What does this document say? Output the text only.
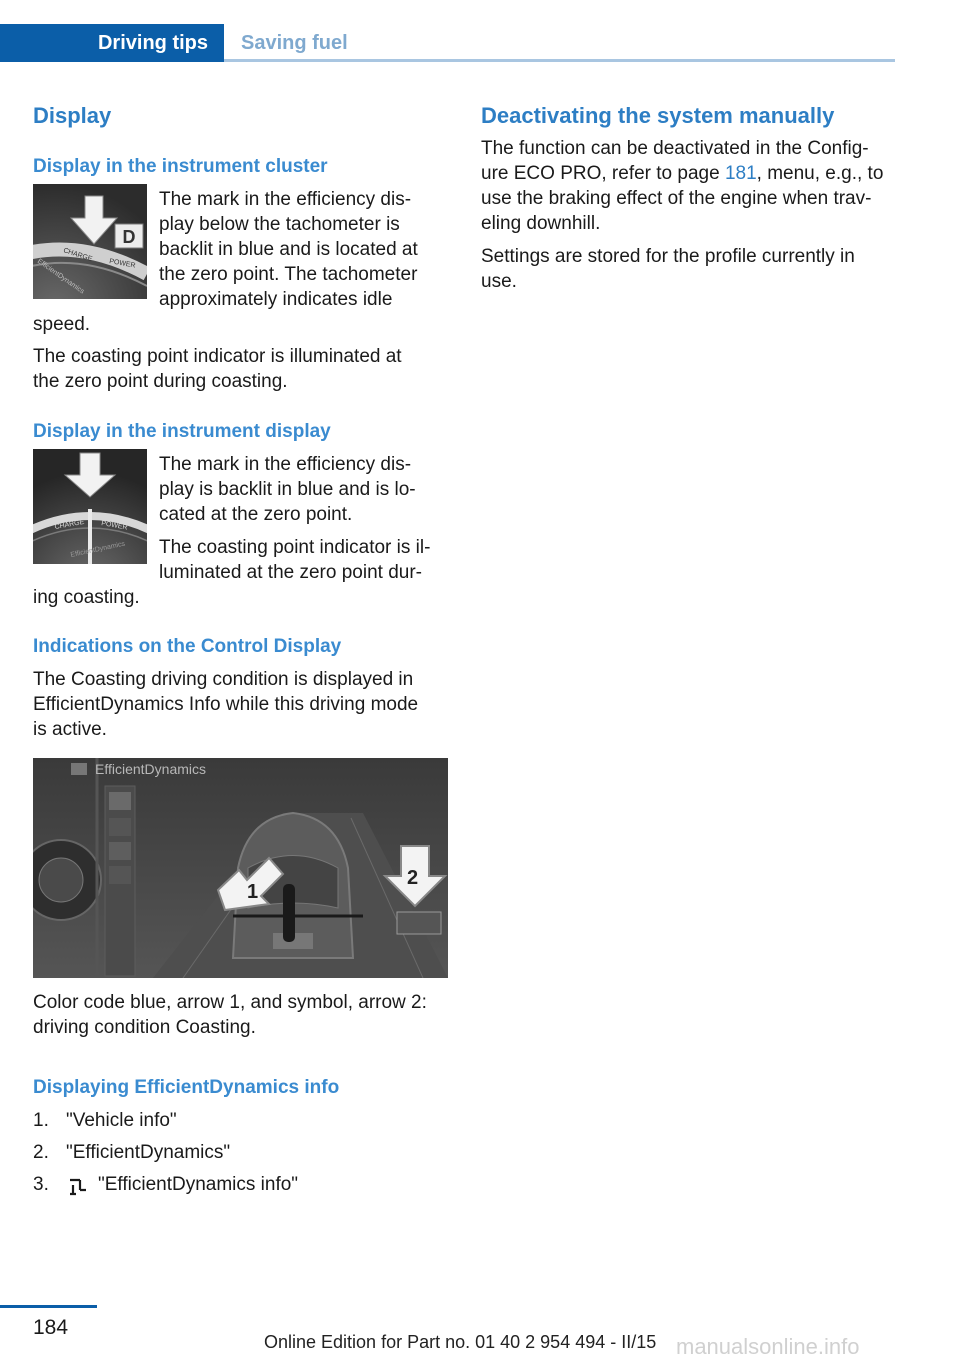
Driving tips	Saving fuel
Display
Display in the instrument cluster
D
CHARGE
POWER
EfficientDynamics
The mark in the efficiency dis-
play below the tachometer is
backlit in blue and is located at
the zero point. The tachometer
approximately indicates idle
speed.
The coasting point indicator is illuminated at
the zero point during coasting.
Display in the instrument display
CHARGE POWER
EfficientDynamics
The mark in the efficiency dis-
play is backlit in blue and is lo-
cated at the zero point.
The coasting point indicator is il-
luminated at the zero point dur-
ing coasting.
Indications on the Control Display
The Coasting driving condition is displayed in
EfficientDynamics Info while this driving mode
is active.
EfficientDynamics
1
2
Color code blue, arrow 1, and symbol, arrow 2:
driving condition Coasting.
Displaying EfficientDynamics info
1. "Vehicle info"
2. "EfficientDynamics"
3.	"EfficientDynamics info"
Deactivating the system manually
The function can be deactivated in the Config-
ure ECO PRO, refer to page 181, menu, e.g., to
use the braking effect of the engine when trav-
eling downhill.
Settings are stored for the profile currently in
use.
184
Online Edition for Part no. 01 40 2 954 494 - II/15 manualsonline.info
